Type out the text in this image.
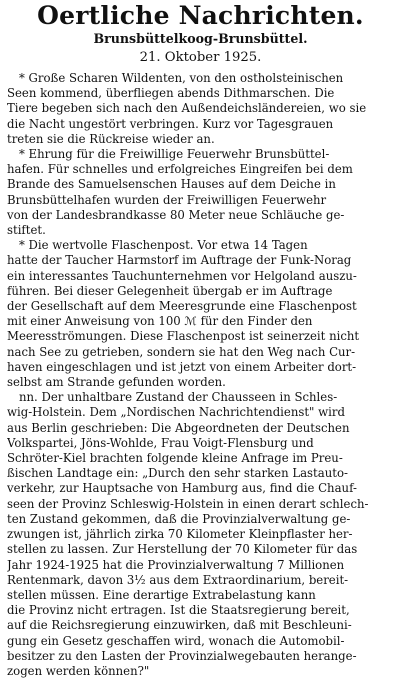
Oertliche Nachrichten.
Brunsbüttelkoog-Brunsbüttel.
21. Oktober 1925.
* Große Scharen Wildenten, von den ostholsteinischen
Seen kommend, überfliegen abends Dithmarschen. Die
Tiere begeben sich nach den Außendeichsländereien, wo sie
die Nacht ungestört verbringen. Kurz vor Tagesgrauen
treten sie die Rückreise wieder an.
* Ehrung für die Freiwillige Feuerwehr Brunsbüttel-
hafen. Für schnelles und erfolgreiches Eingreifen bei dem
Brande des Samuelsenschen Hauses auf dem Deiche in
Brunsbüttelhafen wurden der Freiwilligen Feuerwehr
von der Landesbrandkasse 80 Meter neue Schläuche ge-
stiftet.
* Die wertvolle Flaschenpost. Vor etwa 14 Tagen
hatte der Taucher Harmstorf im Auftrage der Funk-Norag
ein interessantes Tauchunternehmen vor Helgoland auszu-
führen. Bei dieser Gelegenheit übergab er im Auftrage
der Gesellschaft auf dem Meeresgrunde eine Flaschenpost
mit einer Anweisung von 100 ℳ für den Finder den
Meeresströmungen. Diese Flaschenpost ist seinerzeit nicht
nach See zu getrieben, sondern sie hat den Weg nach Cur-
haven eingeschlagen und ist jetzt von einem Arbeiter dort-
selbst am Strande gefunden worden.
nn. Der unhaltbare Zustand der Chausseen in Schles-
wig-Holstein. Dem „Nordischen Nachrichtendienst" wird
aus Berlin geschrieben: Die Abgeordneten der Deutschen
Volkspartei, Jöns-Wohlde, Frau Voigt-Flensburg und
Schröter-Kiel brachten folgende kleine Anfrage im Preu-
ßischen Landtage ein: „Durch den sehr starken Lastauto-
verkehr, zur Hauptsache von Hamburg aus, find die Chauf-
seen der Provinz Schleswig-Holstein in einen derart schlech-
ten Zustand gekommen, daß die Provinzialverwaltung ge-
zwungen ist, jährlich zirka 70 Kilometer Kleinpflaster her-
stellen zu lassen. Zur Herstellung der 70 Kilometer für das
Jahr 1924-1925 hat die Provinzialverwaltung 7 Millionen
Rentenmark, davon 3½ aus dem Extraordinarium, bereit-
stellen müssen. Eine derartige Extrabelastung kann
die Provinz nicht ertragen. Ist die Staatsregierung bereit,
auf die Reichsregierung einzuwirken, daß mit Beschleuni-
gung ein Gesetz geschaffen wird, wonach die Automobil-
besitzer zu den Lasten der Provinzialwegebauten herange-
zogen werden können?"
